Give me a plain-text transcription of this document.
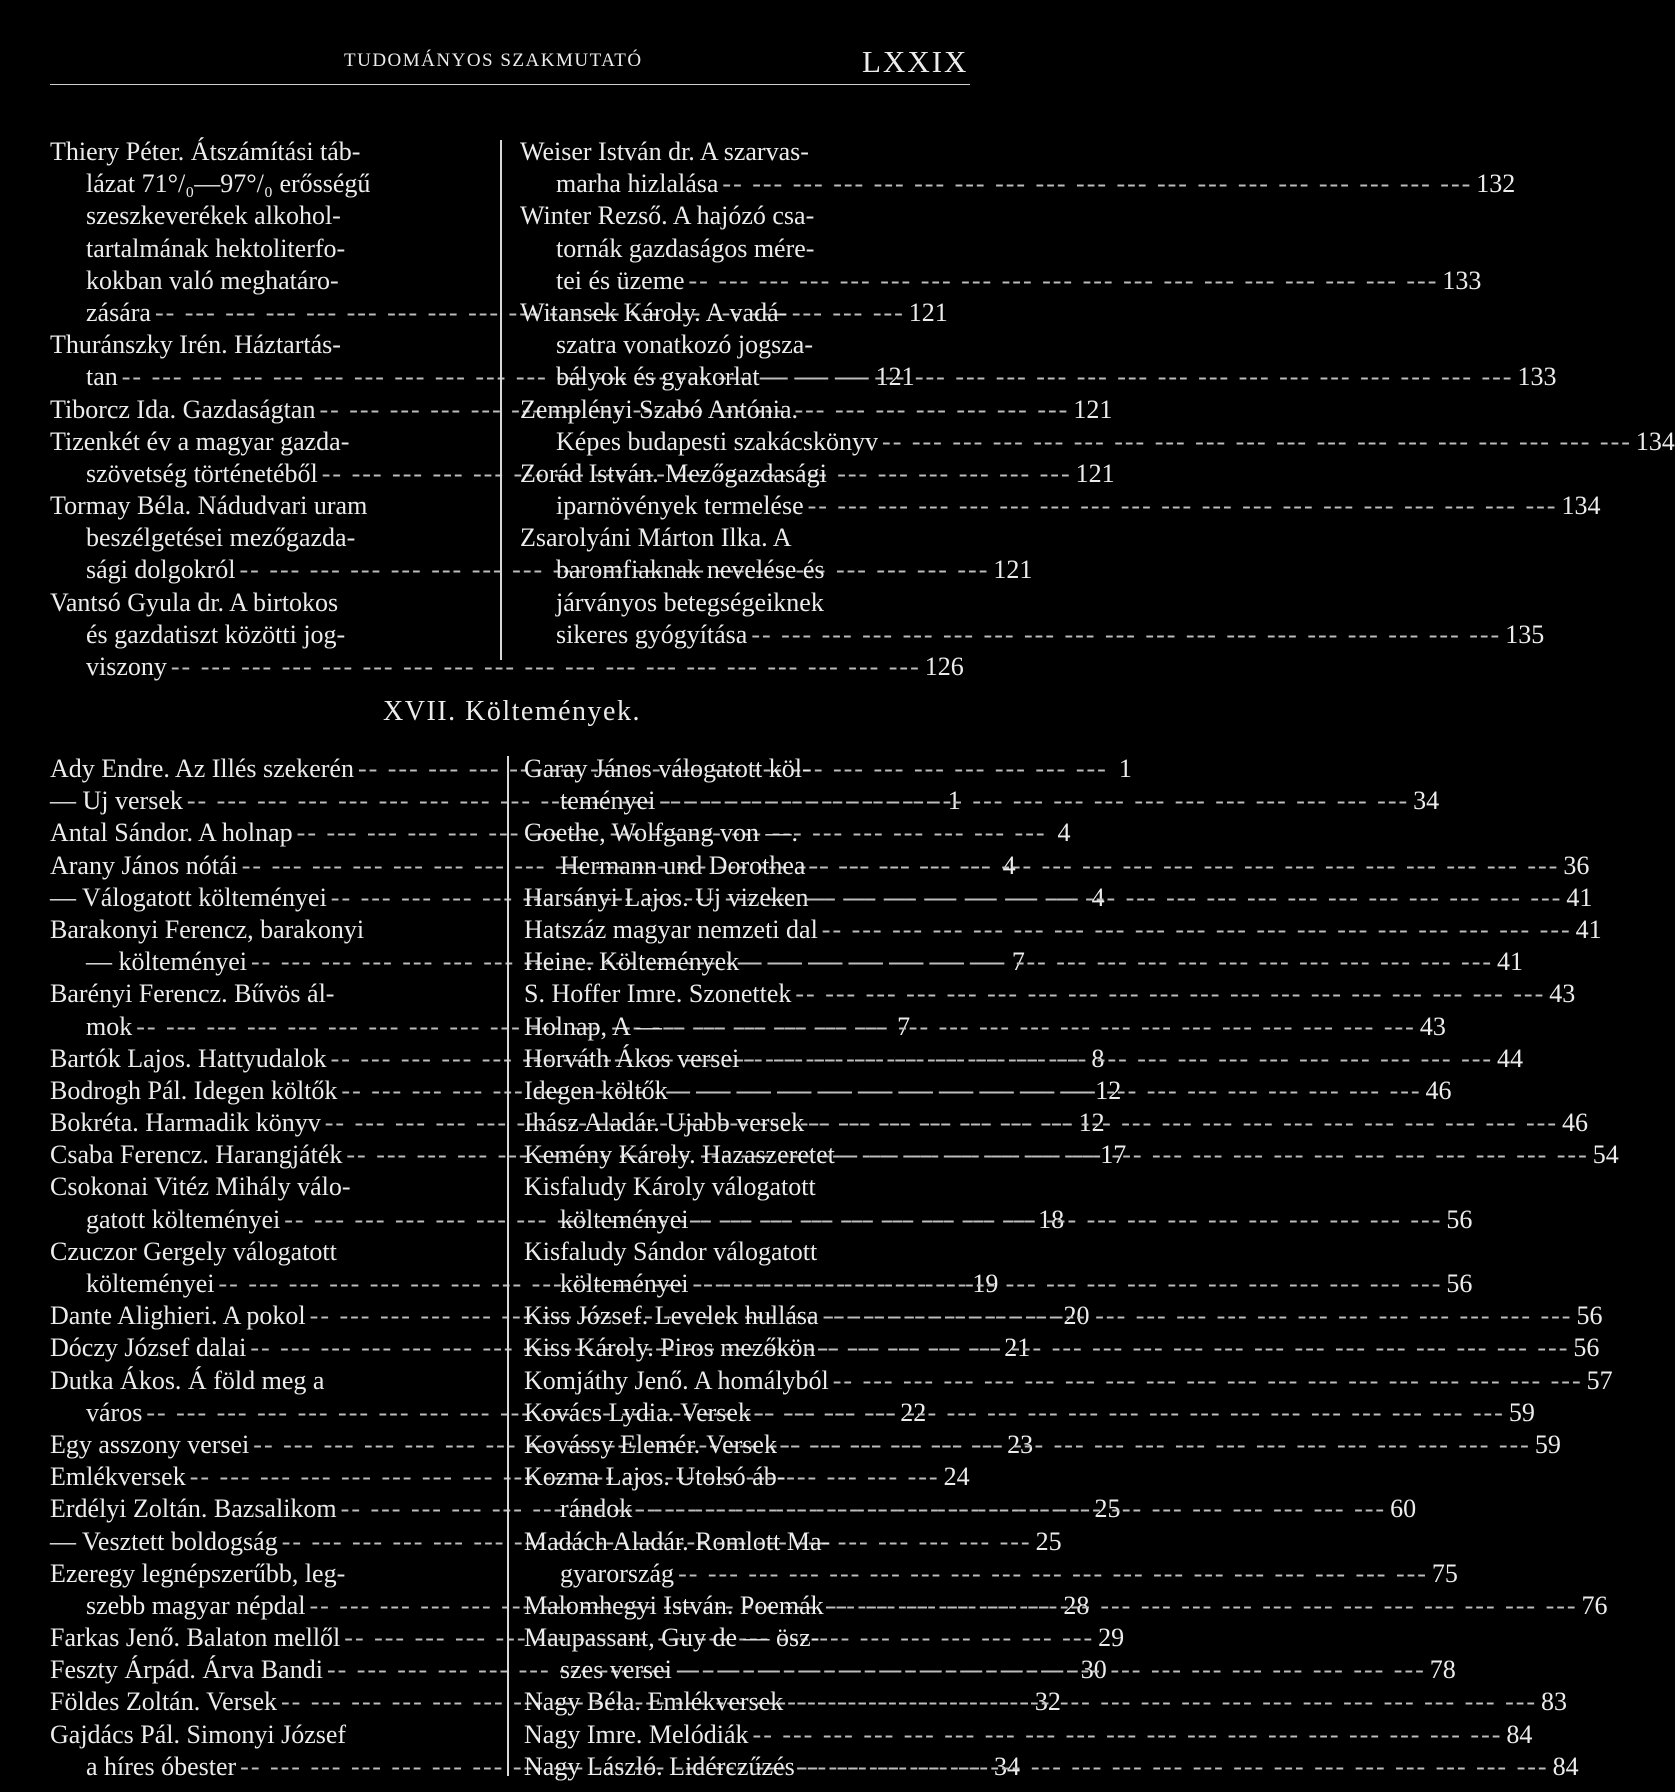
TUDOMÁNYOS SZAKMUTATÓ	LXXIX
Thiery Péter. Átszámítási táb-
lázat 71°/₀—97°/₀ erősségű
szeszkeverékek alkohol-
tartalmának hektoliterfo-
kokban való meghatáro-
zására -- --	121
Thuránszky Irén. Háztartás-
tan -- --	121
Tiborcz Ida. Gazdaságtan -- --	121
Tizenkét év a magyar gazda-
szövetség történetéből -- --	121
Tormay Béla. Nádudvari uram
beszélgetései mezőgazda-
sági dolgokról -- --	121
Vantsó Gyula dr. A birtokos
és gazdatiszt közötti jog-
viszony -- --	126
Weiser István dr. A szarvas-
marha hizlalása -- --	132
Winter Rezső. A hajózó csa-
tornák gazdaságos mére-
tei és üzeme -- --	133
Witansek Károly. A vadá-
szatra vonatkozó jogsza-
bályok és gyakorlat -- --	133
Zemplényi Szabó Antónia.
Képes budapesti szakácskönyv -- --	134
Zorád István. Mezőgazdasági
iparnövények termelése -- --	134
Zsarolyáni Márton Ilka. A
baromfiaknak nevelése és
járványos betegségeiknek
sikeres gyógyítása -- --	135
XVII. Költemények.
Ady Endre. Az Illés szekerén -- --	1
— Uj versek -- --	1
Antal Sándor. A holnap -- --	4
Arany János nótái -- --	4
— Válogatott költeményei -- --	4
Barakonyi Ferencz, barakonyi
— költeményei -- --	7
Barényi Ferencz. Bűvös ál-
mok -- --	7
Bartók Lajos. Hattyudalok -- --	8
Bodrogh Pál. Idegen költők -- --	12
Bokréta. Harmadik könyv -- --	12
Csaba Ferencz. Harangjáték -- --	17
Csokonai Vitéz Mihály válo-
gatott költeményei -- --	18
Czuczor Gergely válogatott
költeményei -- --	19
Dante Alighieri. A pokol -- --	20
Dóczy József dalai -- --	21
Dutka Ákos. Á föld meg a
város -- --	22
Egy asszony versei -- --	23
Emlékversek -- --	24
Erdélyi Zoltán. Bazsalikom -- --	25
— Vesztett boldogság -- --	25
Ezeregy legnépszerűbb, leg-
szebb magyar népdal -- --	28
Farkas Jenő. Balaton mellől -- --	29
Feszty Árpád. Árva Bandi -- --	30
Földes Zoltán. Versek -- --	32
Gajdács Pál. Simonyi József
a híres óbester -- --	34
Garay János válogatott köl-
teményei -- --	34
Goethe, Wolfgang von —.
Hermann und Dorothea -- --	36
Harsányi Lajos. Uj vizeken -- --	41
Hatszáz magyar nemzeti dal -- --	41
Heine. Költemények -- --	41
S. Hoffer Imre. Szonettek -- --	43
Holnap, A — -- --	43
Horváth Ákos versei -- --	44
Idegen költők -- --	46
Ihász Aladár. Ujabb versek -- --	46
Kemény Károly. Hazaszeretet -- --	54
Kisfaludy Károly válogatott
költeményei -- --	56
Kisfaludy Sándor válogatott
költeményei -- --	56
Kiss József. Levelek hullása -- --	56
Kiss Károly. Piros mezőkön -- --	56
Komjáthy Jenő. A homályból -- --	57
Kovács Lydia. Versek -- --	59
Kovássy Elemér. Versek -- --	59
Kozma Lajos. Utolsó áb-
rándok -- --	60
Madách Aladár. Romlott Ma-
gyarország -- --	75
Malomhegyi István. Poemák -- --	76
Maupassant, Guy de — ösz-
szes versei -- --	78
Nagy Béla. Emlékversek -- --	83
Nagy Imre. Melódiák -- --	84
Nagy László. Lidérczűzés -- --	84
